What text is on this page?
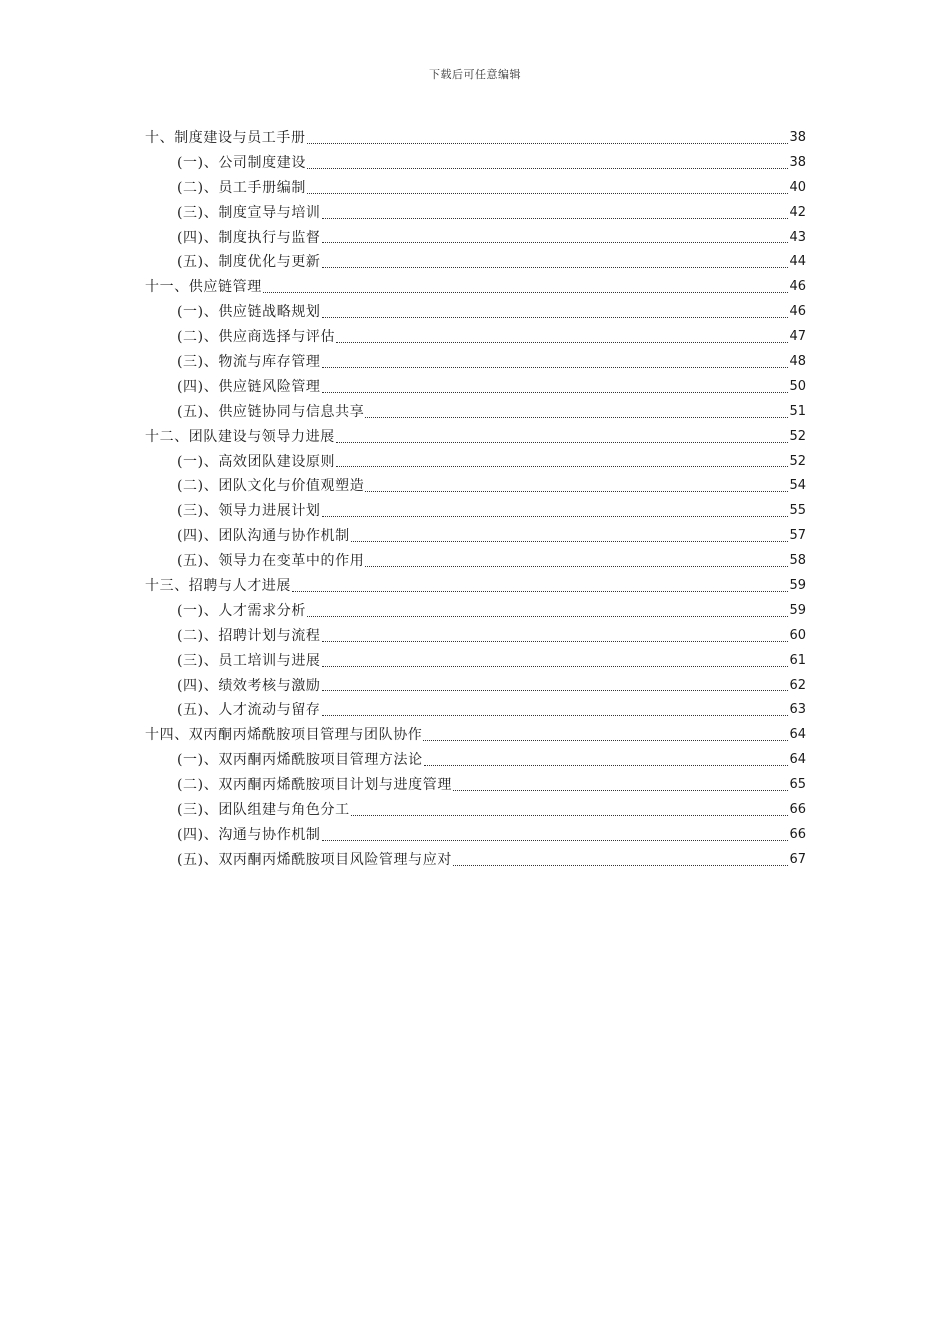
下载后可任意编辑
十、制度建设与员工手册	38
(一)、公司制度建设	38
(二)、员工手册编制	40
(三)、制度宣导与培训	42
(四)、制度执行与监督	43
(五)、制度优化与更新	44
十一、供应链管理	46
(一)、供应链战略规划	46
(二)、供应商选择与评估	47
(三)、物流与库存管理	48
(四)、供应链风险管理	50
(五)、供应链协同与信息共享	51
十二、团队建设与领导力进展	52
(一)、高效团队建设原则	52
(二)、团队文化与价值观塑造	54
(三)、领导力进展计划	55
(四)、团队沟通与协作机制	57
(五)、领导力在变革中的作用	58
十三、招聘与人才进展	59
(一)、人才需求分析	59
(二)、招聘计划与流程	60
(三)、员工培训与进展	61
(四)、绩效考核与激励	62
(五)、人才流动与留存	63
十四、双丙酮丙烯酰胺项目管理与团队协作	64
(一)、双丙酮丙烯酰胺项目管理方法论	64
(二)、双丙酮丙烯酰胺项目计划与进度管理	65
(三)、团队组建与角色分工	66
(四)、沟通与协作机制	66
(五)、双丙酮丙烯酰胺项目风险管理与应对	67
